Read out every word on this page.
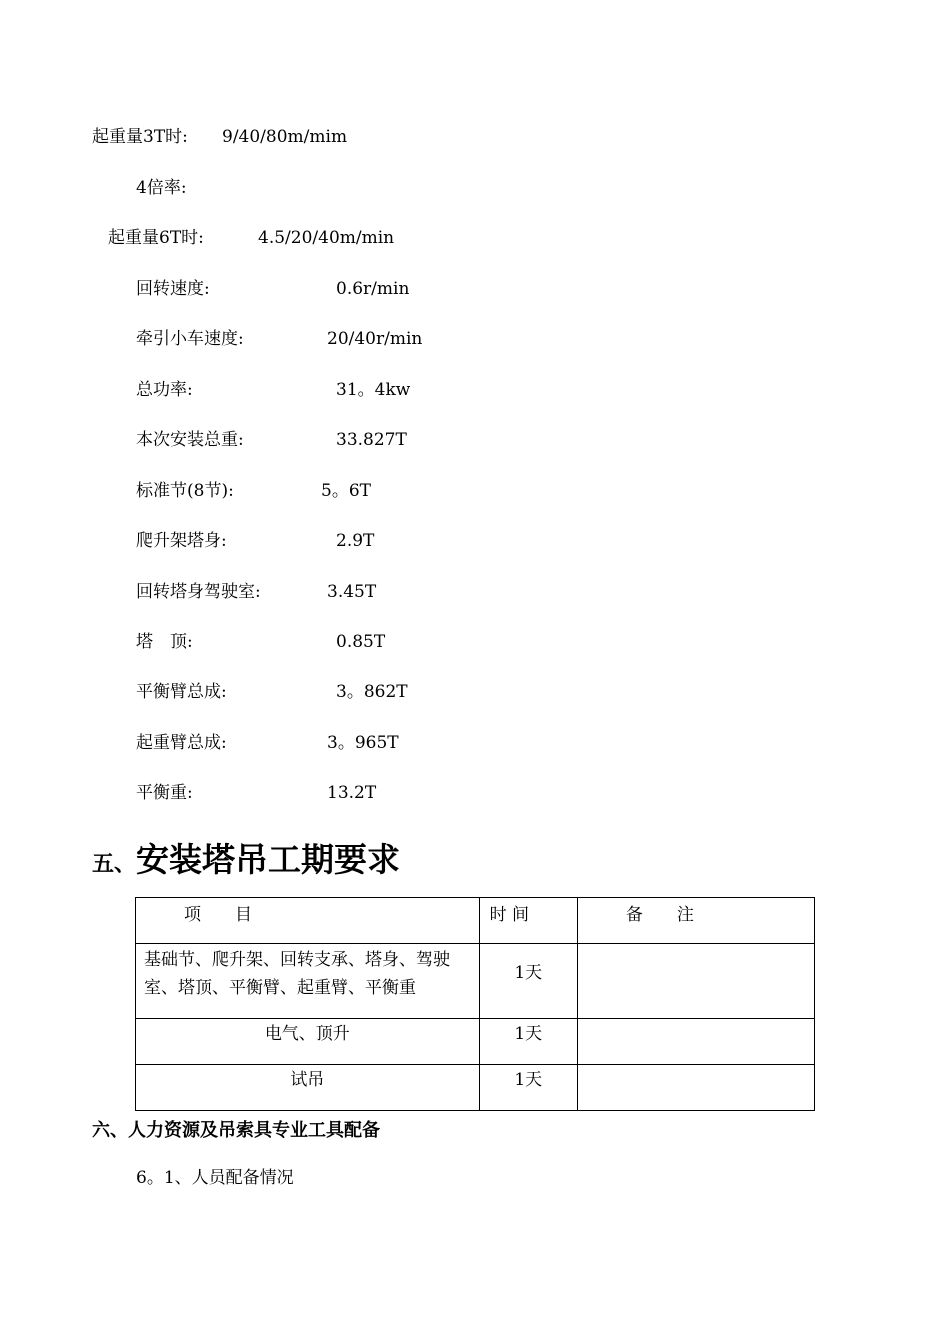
起重量3T时: 9/40/80m/mim
4倍率:
起重量6T时:	4.5/20/40m/min
回转速度:	0.6r/min
牵引小车速度:	20/40r/min
总功率:	31。4kw
本次安装总重:	33.827T
标准节(8节):	5。6T
爬升架塔身:	2.9T
回转塔身驾驶室:	3.45T
塔　顶:	0.85T
平衡臂总成:	3。862T
起重臂总成:	3。965T
平衡重:	13.2T
五、安装塔吊工期要求
项　　目	时 间	备　　注
基础节、爬升架、回转支承、塔身、驾驶室、塔顶、平衡臂、起重臂、平衡重	1天	
电气、顶升	1天	
试吊	1天	
六、人力资源及吊索具专业工具配备
6。1、人员配备情况
